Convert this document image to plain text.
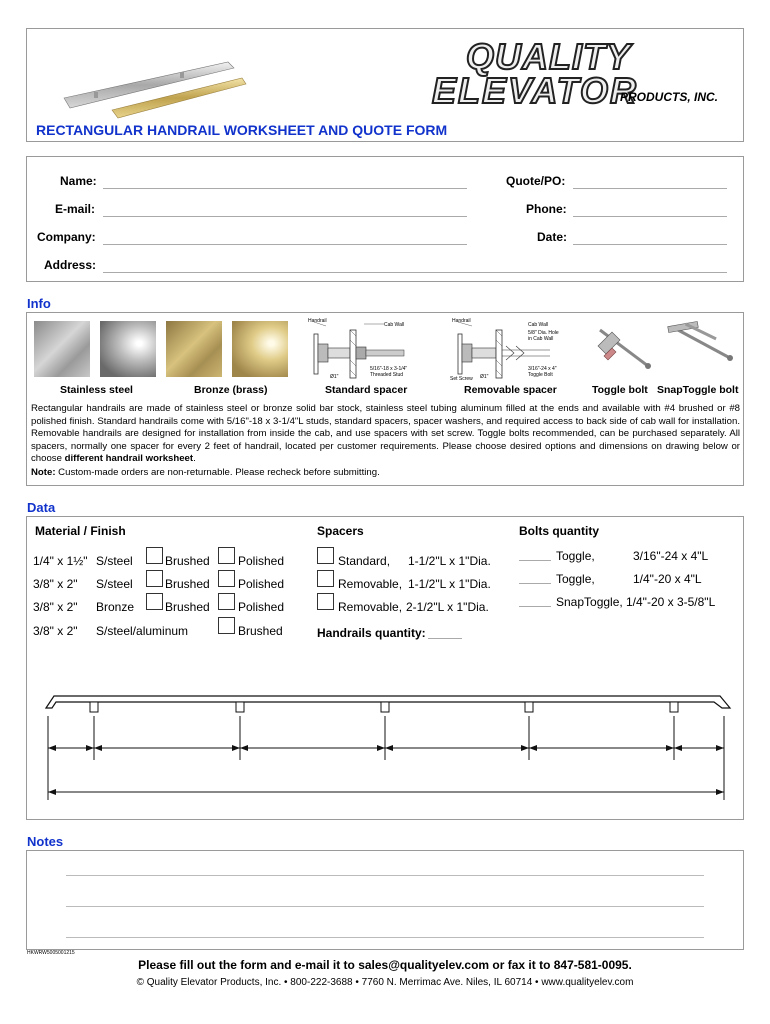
QUALITY
ELEVATOR
PRODUCTS, INC.
RECTANGULAR HANDRAIL WORKSHEET AND QUOTE FORM
Name:	Quote/PO:
E-mail:	Phone:
Company:	Date:
Address:
Info
Handrail
Cab Wall
5/16"-18 x 3-1/4"
Threaded Stud
Ø1"
Handrail
Cab Wall
5/8" Dia. Hole
in Cab Wall
3/16"-24 x 4"
Toggle Bolt
Set Screw Ø1"
Stainless steel	Bronze (brass)	Standard spacer	Removable spacer	Toggle bolt SnapToggle bolt
Rectangular handrails are made of stainless steel or bronze solid bar stock, stainless steel tubing aluminum filled at the ends and available with #4 brushed or #8 polished finish. Standard handrails come with 5/16"-18 x 3-1/4"L studs, standard spacers, spacer washers, and required access to back side of cab wall for installation. Removable handrails are designed for installation from inside the cab, and use spacers with set screw. Toggle bolts recommended, can be purchased separately. All spacers, normally one spacer for every 2 feet of handrail, located per customer requirements. Please choose desired options and dimensions on drawing below or choose different handrail worksheet.
Note: Custom-made orders are non-returnable. Please recheck before submitting.
Data
Material / Finish	Spacers	Bolts quantity
1/4" x 1½" S/steel	Brushed Polished
3/8" x 2" S/steel	Brushed Polished
3/8" x 2" Bronze	Brushed Polished
3/8" x 2" S/steel/aluminum	Brushed
Standard, 1-1/2"L x 1"Dia.
Removable, 1-1/2"L x 1"Dia.
Removable, 2-1/2"L x 1"Dia.
Handrails quantity:
Toggle,	3/16"-24 x 4"L
Toggle,	1/4"-20 x 4"L
SnapToggle, 1/4"-20 x 3-5/8"L
Notes
HKWRW5005001215
Please fill out the form and e-mail it to sales@qualityelev.com or fax it to 847-581-0095.
© Quality Elevator Products, Inc. • 800-222-3688 • 7760 N. Merrimac Ave. Niles, IL 60714 • www.qualityelev.com
